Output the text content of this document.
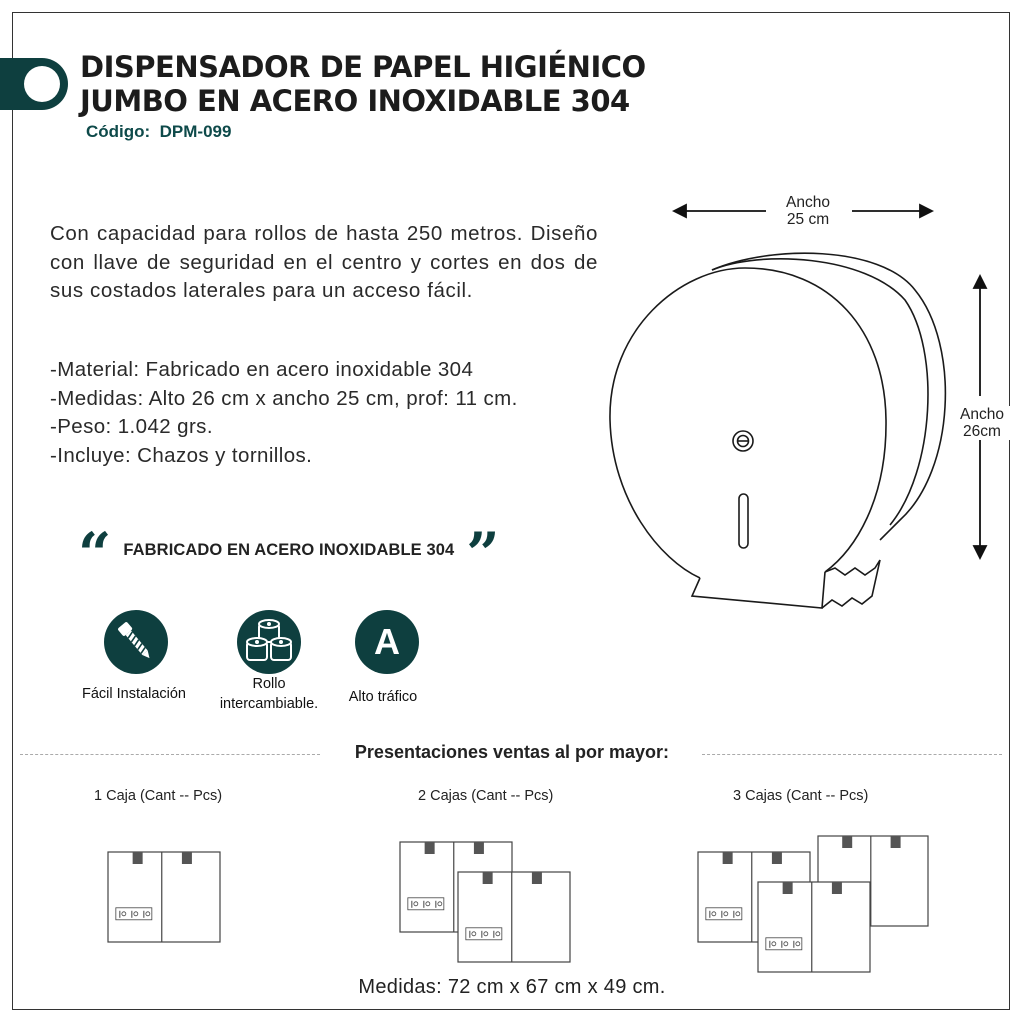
DISPENSADOR DE PAPEL HIGIÉNICO
JUMBO EN ACERO INOXIDABLE 304
Código:  DPM-099
Con capacidad para rollos de hasta 250 metros. Diseño con llave de seguridad en el centro y cortes en dos de sus costados laterales para un acceso fácil.
-Material: Fabricado en acero inoxidable 304
-Medidas: Alto 26 cm x ancho 25 cm, prof: 11 cm.
-Peso: 1.042 grs.
-Incluye: Chazos y tornillos.
“ FABRICADO EN ACERO INOXIDABLE 304 ”
Fácil Instalación
Rollo
intercambiable.
A
Alto tráfico
Ancho
25 cm
Ancho
26cm
Presentaciones ventas al por mayor:
1 Caja (Cant -- Pcs)	2 Cajas (Cant -- Pcs)	3 Cajas (Cant -- Pcs)
Medidas: 72 cm x 67 cm x 49 cm.
